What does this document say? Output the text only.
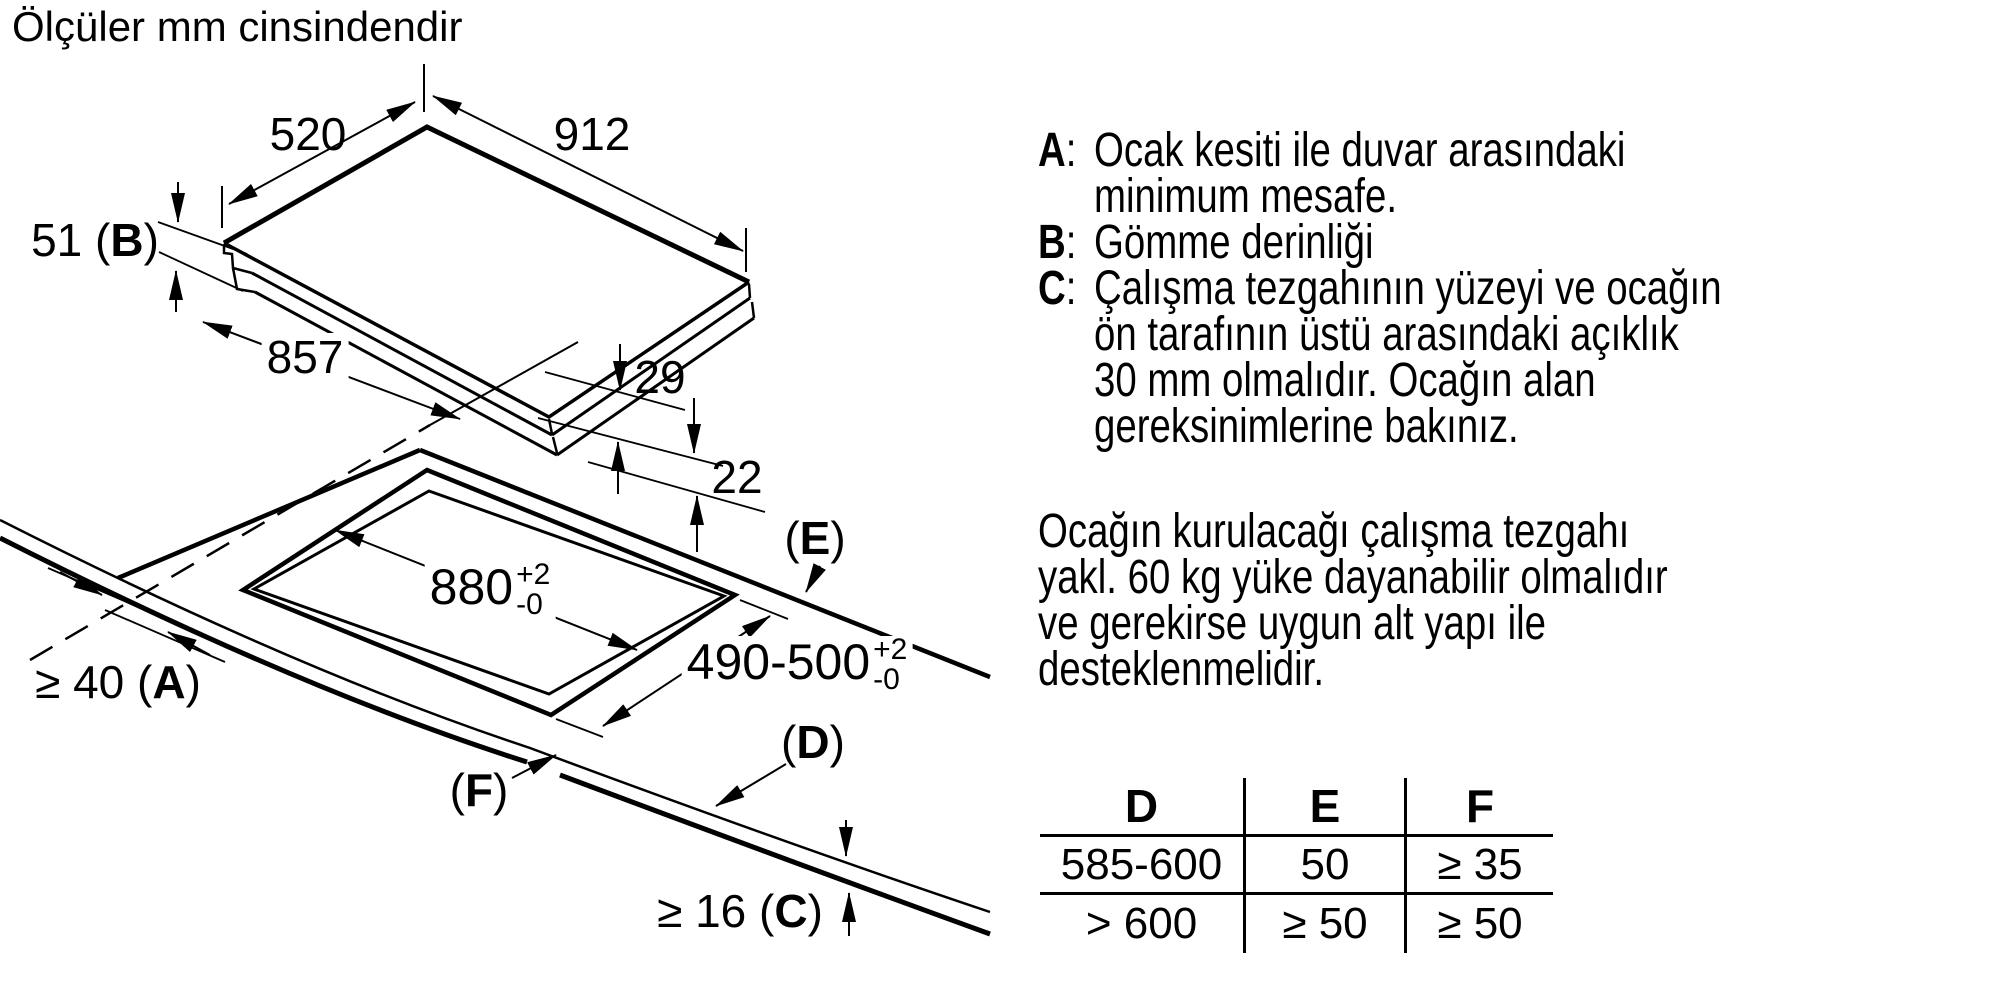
Ölçüler mm cinsindendir
520	912
51 (B)
857	29
22
880 +2
-0
490-500 +2
-0
≥ 40 (A)
≥ 16 (C)
(E)
(D)
(F)
A: Ocak kesiti ile duvar arasındaki
minimum mesafe.
B: Gömme derinliği
C: Çalışma tezgahının yüzeyi ve ocağın
ön tarafının üstü arasındaki açıklık
30 mm olmalıdır. Ocağın alan
gereksinimlerine bakınız.
Ocağın kurulacağı çalışma tezgahı
yakl. 60 kg yüke dayanabilir olmalıdır
ve gerekirse uygun alt yapı ile
desteklenmelidir.
D	E	F
585-600	50	≥ 35
> 600	≥ 50	≥ 50
